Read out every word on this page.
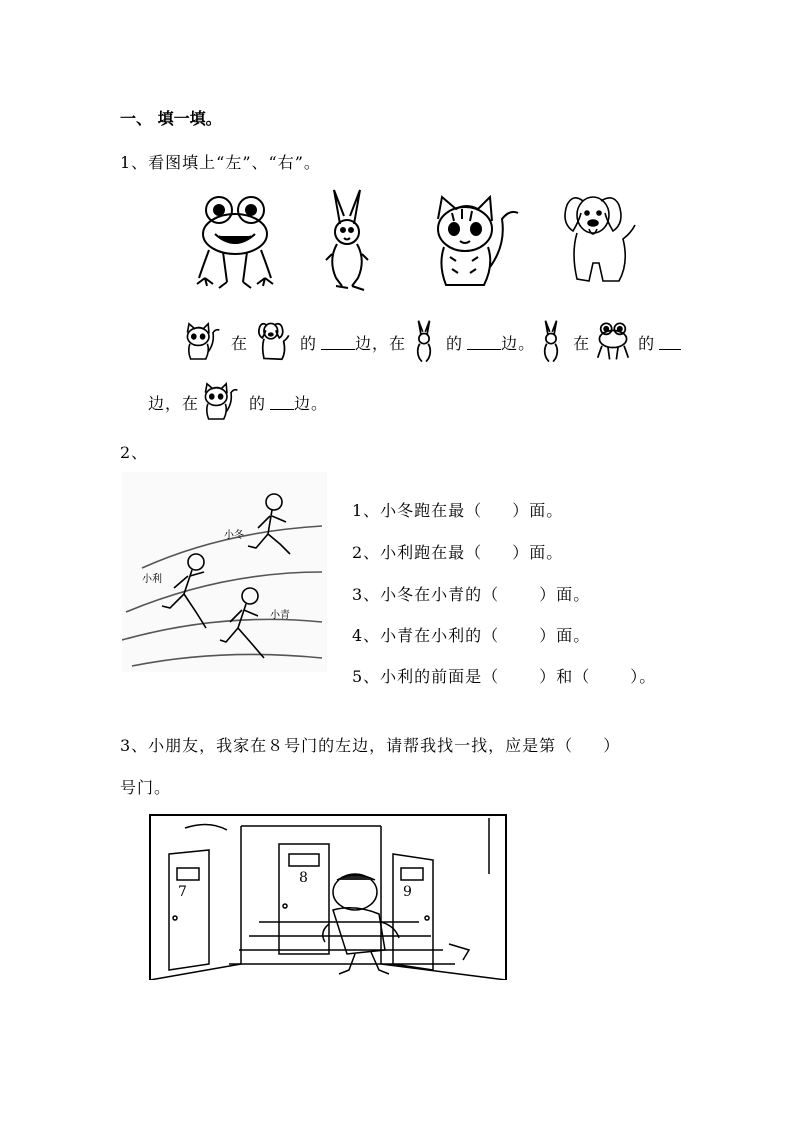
一、 填一填。
1、看图填上“左”、“右”。
在	的 边，在	的 边。 在	的
边，在	的 边。
2、
小冬
小利
小青
1、小冬跑在最（ ）面。
2、小利跑在最（ ）面。
3、小冬在小青的（	）面。
4、小青在小利的（	）面。
5、小利的前面是（	）和（	）。
3、小朋友，我家在８号门的左边，请帮我找一找，应是第（ ）
号门。
7
8
9
